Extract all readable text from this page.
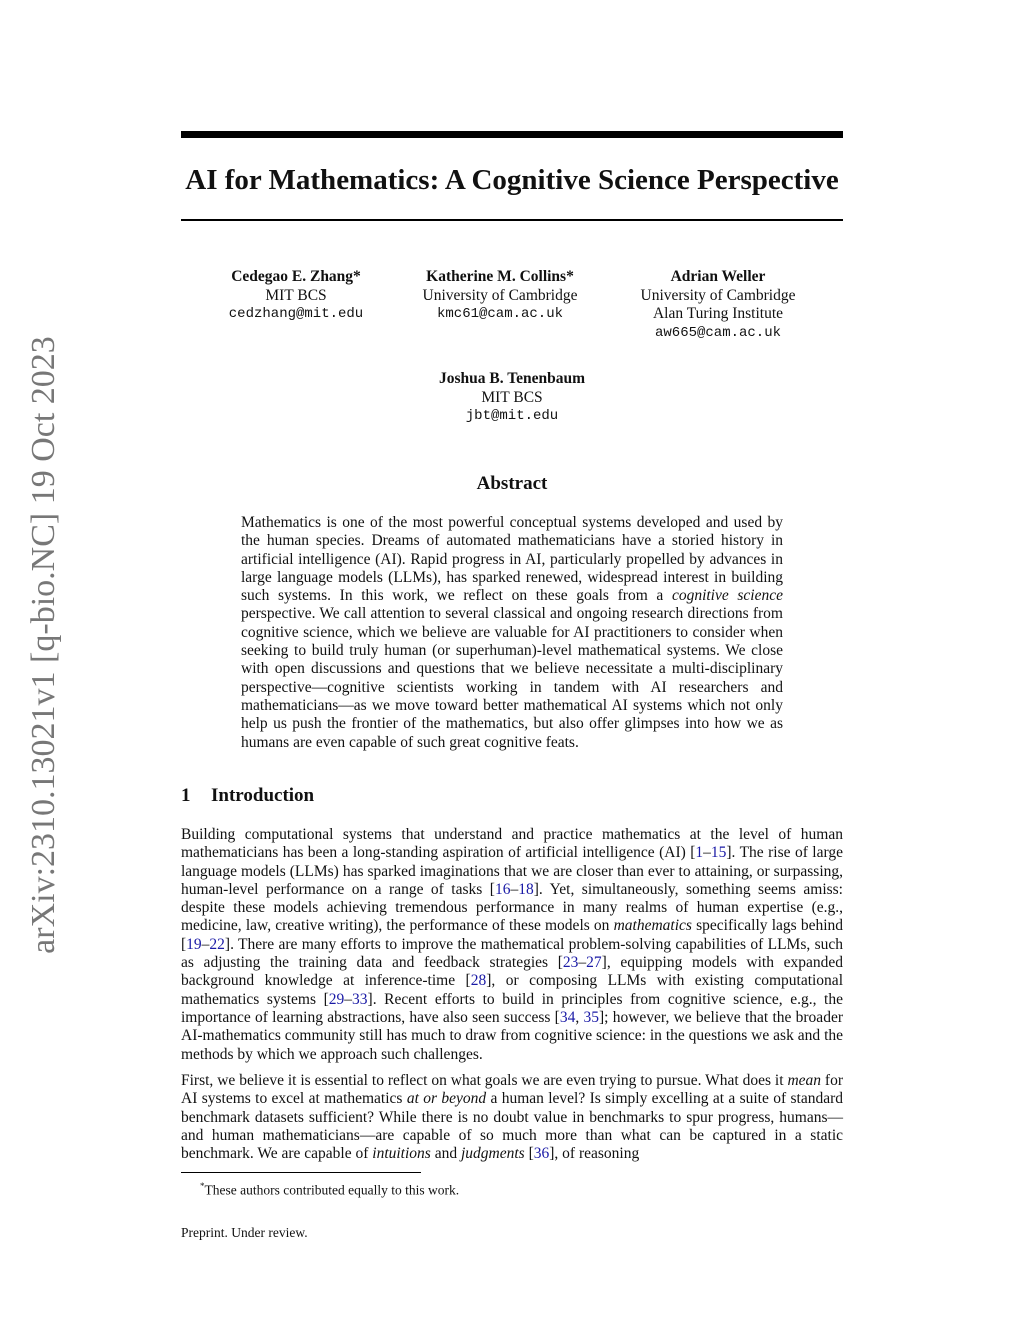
arXiv:2310.13021v1 [q-bio.NC] 19 Oct 2023
AI for Mathematics: A Cognitive Science Perspective
Cedegao E. Zhang*
MIT BCS
cedzhang@mit.edu
Katherine M. Collins*
University of Cambridge
kmc61@cam.ac.uk
Adrian Weller
University of Cambridge
Alan Turing Institute
aw665@cam.ac.uk
Joshua B. Tenenbaum
MIT BCS
jbt@mit.edu
Abstract

Mathematics is one of the most powerful conceptual systems developed and used by the human species. Dreams of automated mathematicians have a storied history in artificial intelligence (AI). Rapid progress in AI, particularly propelled by advances in large language models (LLMs), has sparked renewed, widespread interest in building such systems. In this work, we reflect on these goals from a cognitive science perspective. We call attention to several classical and ongoing research directions from cognitive science, which we believe are valuable for AI practitioners to consider when seeking to build truly human (or superhuman)-level mathematical systems. We close with open discussions and questions that we believe necessitate a multi-disciplinary perspective—cognitive scientists working in tandem with AI researchers and mathematicians—as we move toward better mathematical AI systems which not only help us push the frontier of the mathematics, but also offer glimpses into how we as humans are even capable of such great cognitive feats.

1 Introduction

Building computational systems that understand and practice mathematics at the level of human mathematicians has been a long-standing aspiration of artificial intelligence (AI) [1–15]. The rise of large language models (LLMs) has sparked imaginations that we are closer than ever to attaining, or surpassing, human-level performance on a range of tasks [16–18]. Yet, simultaneously, something seems amiss: despite these models achieving tremendous performance in many realms of human expertise (e.g., medicine, law, creative writing), the performance of these models on mathematics specifically lags behind [19–22]. There are many efforts to improve the mathematical problem-solving capabilities of LLMs, such as adjusting the training data and feedback strategies [23–27], equipping models with expanded background knowledge at inference-time [28], or composing LLMs with existing computational mathematics systems [29–33]. Recent efforts to build in principles from cognitive science, e.g., the importance of learning abstractions, have also seen success [34, 35]; however, we believe that the broader AI-mathematics community still has much to draw from cognitive science: in the questions we ask and the methods by which we approach such challenges.

First, we believe it is essential to reflect on what goals we are even trying to pursue. What does it mean for AI systems to excel at mathematics at or beyond a human level? Is simply excelling at a suite of standard benchmark datasets sufficient? While there is no doubt value in benchmarks to spur progress, humans—and human mathematicians—are capable of so much more than what can be captured in a static benchmark. We are capable of intuitions and judgments [36], of reasoning

*These authors contributed equally to this work.

Preprint. Under review.
